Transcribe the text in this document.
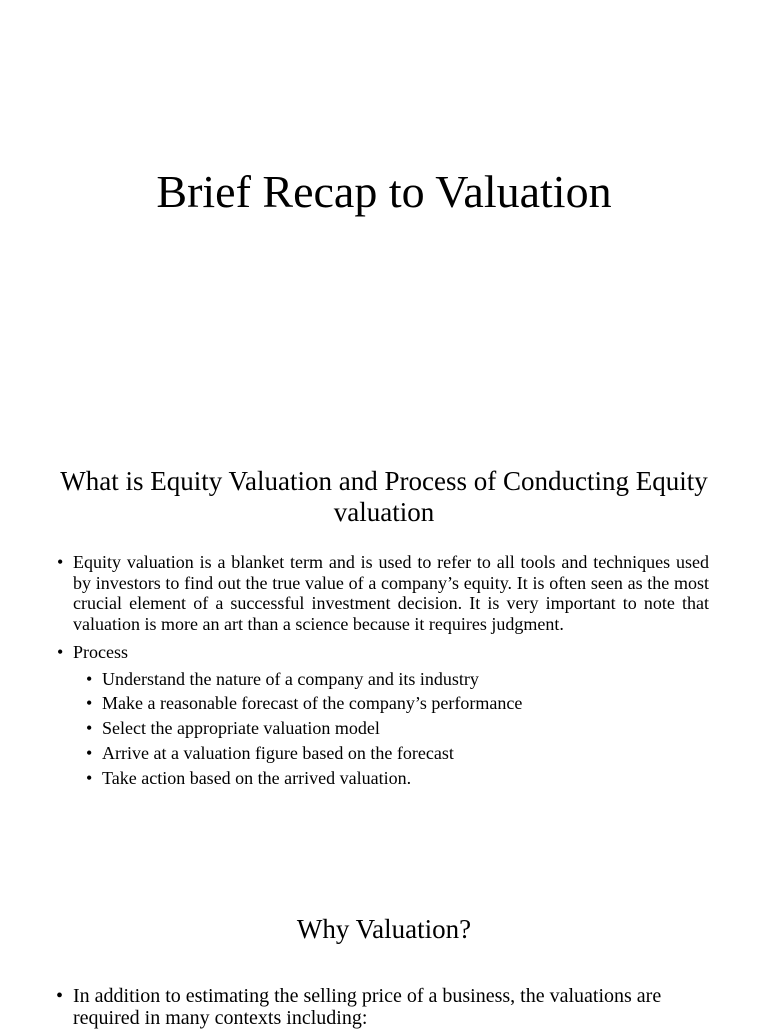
Brief Recap to Valuation
What is Equity Valuation and Process of Conducting Equity valuation
• Equity valuation is a blanket term and is used to refer to all tools and techniques used by investors to find out the true value of a company’s equity. It is often seen as the most crucial element of a successful investment decision. It is very important to note that valuation is more an art than a science because it requires judgment.
• Process
• Understand the nature of a company and its industry
• Make a reasonable forecast of the company’s performance
• Select the appropriate valuation model
• Arrive at a valuation figure based on the forecast
• Take action based on the arrived valuation.
Why Valuation?
• In addition to estimating the selling price of a business, the valuations are required in many contexts including:
